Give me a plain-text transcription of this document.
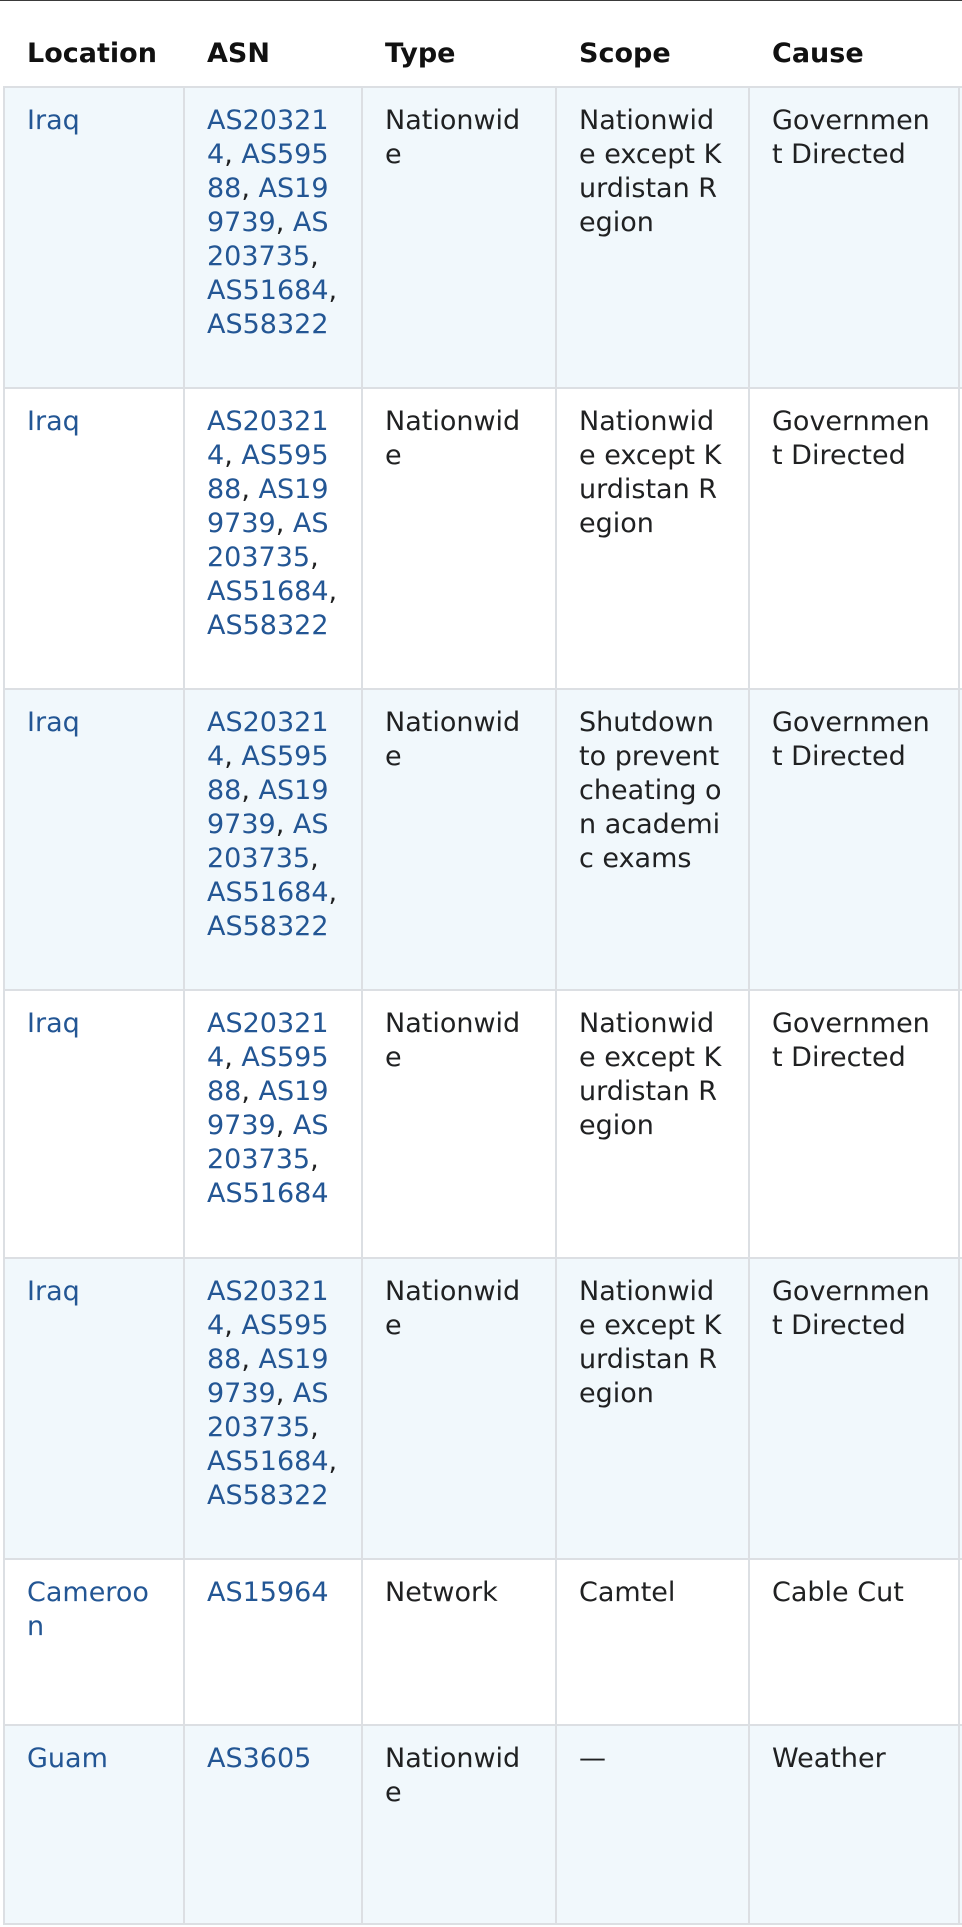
Location	ASN	Type	Scope	Cause	
Iraq	AS203214, AS59588, AS199739, AS203735, AS51684, AS58322	Nationwide	Nationwide except Kurdistan Region	Government Directed	
Iraq	AS203214, AS59588, AS199739, AS203735, AS51684, AS58322	Nationwide	Nationwide except Kurdistan Region	Government Directed	
Iraq	AS203214, AS59588, AS199739, AS203735, AS51684, AS58322	Nationwide	Shutdown to prevent cheating on academic exams	Government Directed	
Iraq	AS203214, AS59588, AS199739, AS203735, AS51684	Nationwide	Nationwide except Kurdistan Region	Government Directed	
Iraq	AS203214, AS59588, AS199739, AS203735, AS51684, AS58322	Nationwide	Nationwide except Kurdistan Region	Government Directed	
Cameroon	AS15964	Network	Camtel	Cable Cut	
Guam	AS3605	Nationwide	—	Weather	
